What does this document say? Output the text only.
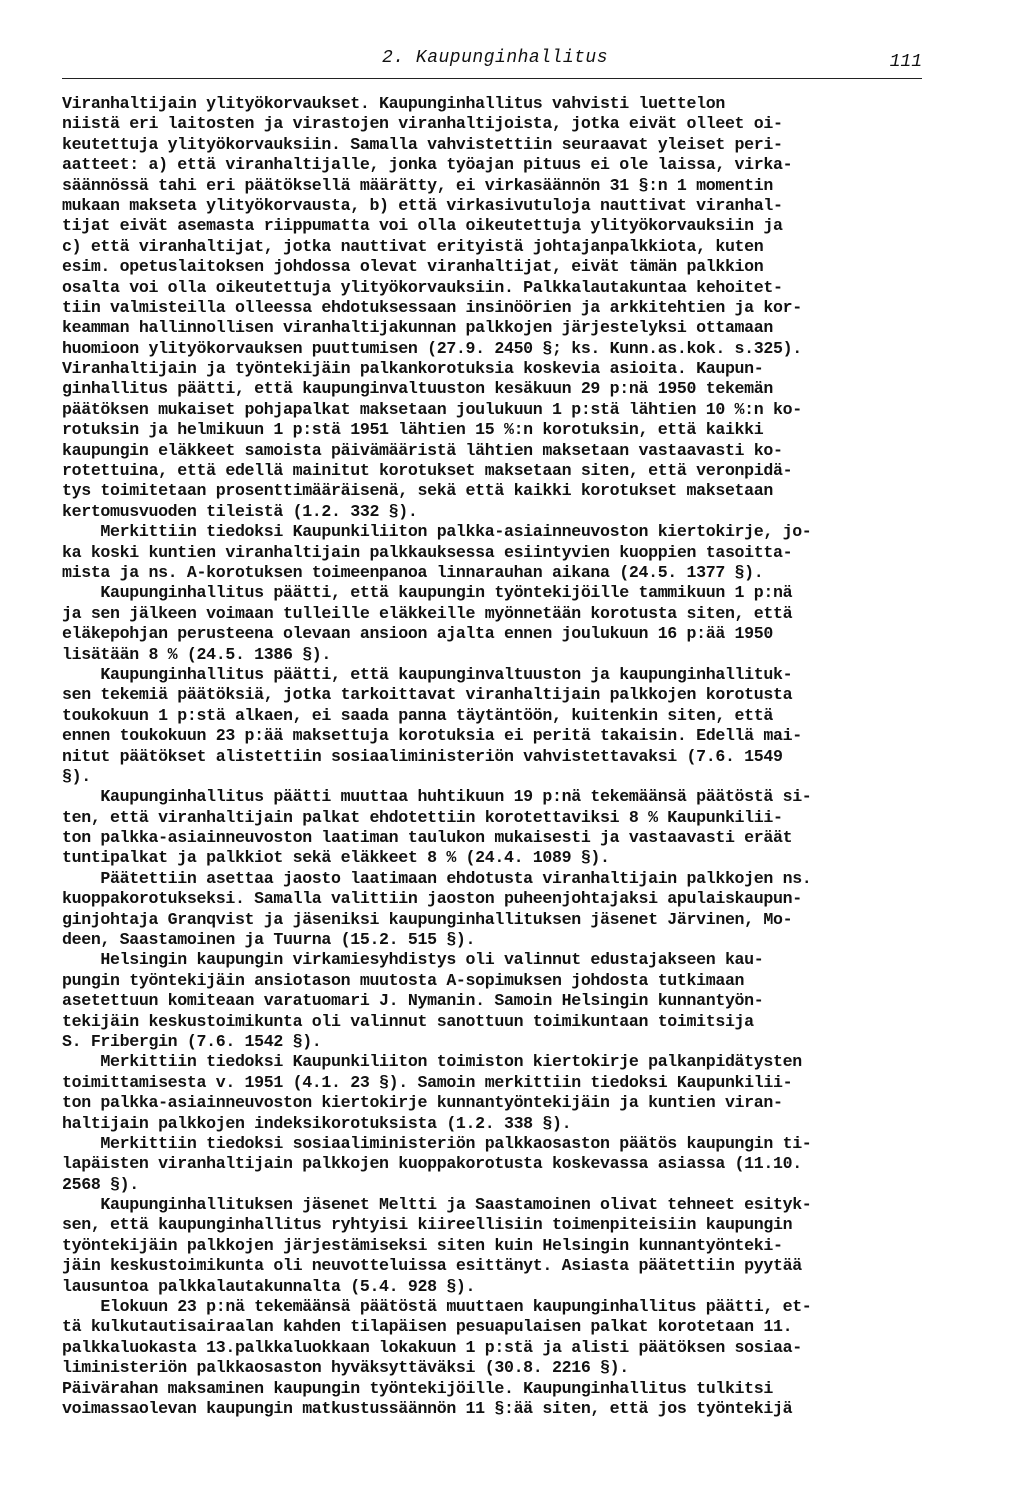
2. Kaupunginhallitus	111
Viranhaltijain ylityökorvaukset. Kaupunginhallitus vahvisti luettelon
niistä eri laitosten ja virastojen viranhaltijoista, jotka eivät olleet oi-
keutettuja ylityökorvauksiin. Samalla vahvistettiin seuraavat yleiset peri-
aatteet: a) että viranhaltijalle, jonka työajan pituus ei ole laissa, virka-
säännössä tahi eri päätöksellä määrätty, ei virkasäännön 31 §:n 1 momentin
mukaan makseta ylityökorvausta, b) että virkasivutuloja nauttivat viranhal-
tijat eivät asemasta riippumatta voi olla oikeutettuja ylityökorvauksiin ja
c) että viranhaltijat, jotka nauttivat erityistä johtajanpalkkiota, kuten
esim. opetuslaitoksen johdossa olevat viranhaltijat, eivät tämän palkkion
osalta voi olla oikeutettuja ylityökorvauksiin. Palkkalautakuntaa kehoitet-
tiin valmisteilla olleessa ehdotuksessaan insinöörien ja arkkitehtien ja kor-
keamman hallinnollisen viranhaltijakunnan palkkojen järjestelyksi ottamaan
huomioon ylityökorvauksen puuttumisen (27.9. 2450 §; ks. Kunn.as.kok. s.325).
Viranhaltijain ja työntekijäin palkankorotuksia koskevia asioita. Kaupun-
ginhallitus päätti, että kaupunginvaltuuston kesäkuun 29 p:nä 1950 tekemän
päätöksen mukaiset pohjapalkat maksetaan joulukuun 1 p:stä lähtien 10 %:n ko-
rotuksin ja helmikuun 1 p:stä 1951 lähtien 15 %:n korotuksin, että kaikki
kaupungin eläkkeet samoista päivämääristä lähtien maksetaan vastaavasti ko-
rotettuina, että edellä mainitut korotukset maksetaan siten, että veronpidä-
tys toimitetaan prosenttimääräisenä, sekä että kaikki korotukset maksetaan
kertomusvuoden tileistä (1.2. 332 §).
Merkittiin tiedoksi Kaupunkiliiton palkka-asiainneuvoston kiertokirje, jo-
ka koski kuntien viranhaltijain palkkauksessa esiintyvien kuoppien tasoitta-
mista ja ns. A-korotuksen toimeenpanoa linnarauhan aikana (24.5. 1377 §).
Kaupunginhallitus päätti, että kaupungin työntekijöille tammikuun 1 p:nä
ja sen jälkeen voimaan tulleille eläkkeille myönnetään korotusta siten, että
eläkepohjan perusteena olevaan ansioon ajalta ennen joulukuun 16 p:ää 1950
lisätään 8 % (24.5. 1386 §).
Kaupunginhallitus päätti, että kaupunginvaltuuston ja kaupunginhallituk-
sen tekemiä päätöksiä, jotka tarkoittavat viranhaltijain palkkojen korotusta
toukokuun 1 p:stä alkaen, ei saada panna täytäntöön, kuitenkin siten, että
ennen toukokuun 23 p:ää maksettuja korotuksia ei peritä takaisin. Edellä mai-
nitut päätökset alistettiin sosiaaliministeriön vahvistettavaksi (7.6. 1549
§).
Kaupunginhallitus päätti muuttaa huhtikuun 19 p:nä tekemäänsä päätöstä si-
ten, että viranhaltijain palkat ehdotettiin korotettaviksi 8 % Kaupunkilii-
ton palkka-asiainneuvoston laatiman taulukon mukaisesti ja vastaavasti eräät
tuntipalkat ja palkkiot sekä eläkkeet 8 % (24.4. 1089 §).
Päätettiin asettaa jaosto laatimaan ehdotusta viranhaltijain palkkojen ns.
kuoppakorotukseksi. Samalla valittiin jaoston puheenjohtajaksi apulaiskaupun-
ginjohtaja Granqvist ja jäseniksi kaupunginhallituksen jäsenet Järvinen, Mo-
deen, Saastamoinen ja Tuurna (15.2. 515 §).
Helsingin kaupungin virkamiesyhdistys oli valinnut edustajakseen kau-
pungin työntekijäin ansiotason muutosta A-sopimuksen johdosta tutkimaan
asetettuun komiteaan varatuomari J. Nymanin. Samoin Helsingin kunnantyön-
tekijäin keskustoimikunta oli valinnut sanottuun toimikuntaan toimitsija
S. Fribergin (7.6. 1542 §).
Merkittiin tiedoksi Kaupunkiliiton toimiston kiertokirje palkanpidätysten
toimittamisesta v. 1951 (4.1. 23 §). Samoin merkittiin tiedoksi Kaupunkilii-
ton palkka-asiainneuvoston kiertokirje kunnantyöntekijäin ja kuntien viran-
haltijain palkkojen indeksikorotuksista (1.2. 338 §).
Merkittiin tiedoksi sosiaaliministeriön palkkaosaston päätös kaupungin ti-
lapäisten viranhaltijain palkkojen kuoppakorotusta koskevassa asiassa (11.10.
2568 §).
Kaupunginhallituksen jäsenet Meltti ja Saastamoinen olivat tehneet esityk-
sen, että kaupunginhallitus ryhtyisi kiireellisiin toimenpiteisiin kaupungin
työntekijäin palkkojen järjestämiseksi siten kuin Helsingin kunnantyönteki-
jäin keskustoimikunta oli neuvotteluissa esittänyt. Asiasta päätettiin pyytää
lausuntoa palkkalautakunnalta (5.4. 928 §).
Elokuun 23 p:nä tekemäänsä päätöstä muuttaen kaupunginhallitus päätti, et-
tä kulkutautisairaalan kahden tilapäisen pesuapulaisen palkat korotetaan 11.
palkkaluokasta 13.palkkaluokkaan lokakuun 1 p:stä ja alisti päätöksen sosiaa-
liministeriön palkkaosaston hyväksyttäväksi (30.8. 2216 §).
Päivärahan maksaminen kaupungin työntekijöille. Kaupunginhallitus tulkitsi
voimassaolevan kaupungin matkustussäännön 11 §:ää siten, että jos työntekijä
